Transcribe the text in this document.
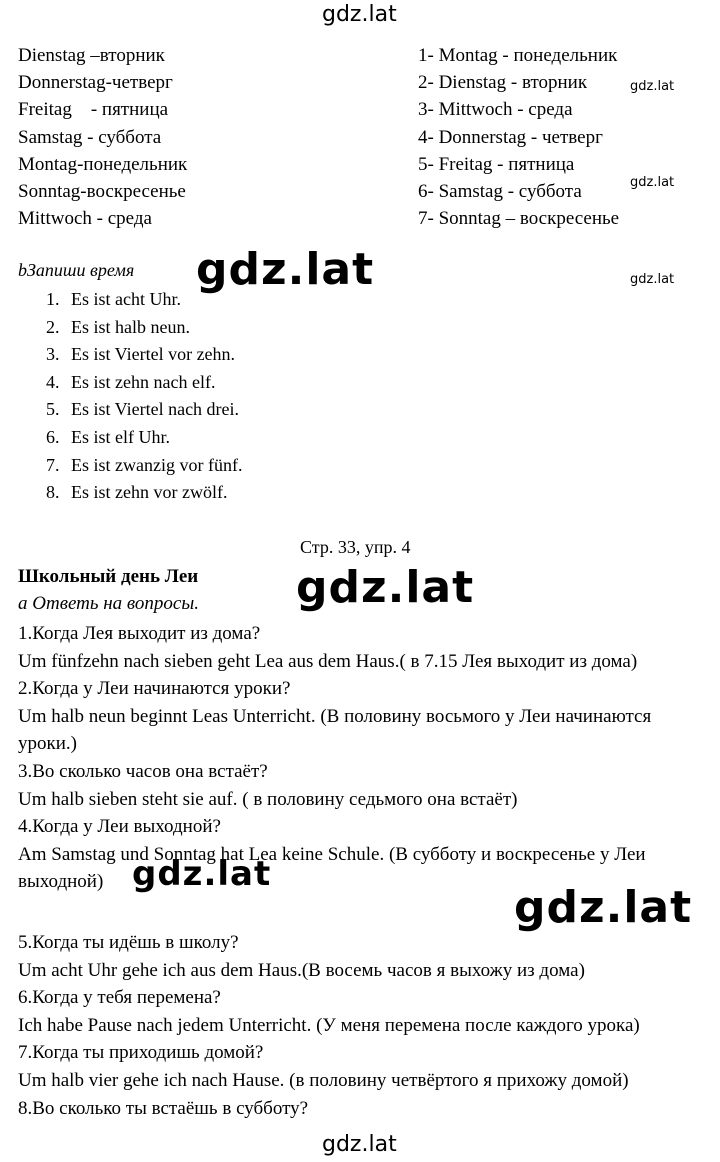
gdz.lat
gdz.lat
gdz.lat
gdz.lat
gdz.lat
gdz.lat
gdz.lat
gdz.lat
gdz.lat
Dienstag –вторник
Donnerstag-четверг
Freitag    - пятница
Samstag - суббота
Montag-понедельник
Sonntag-воскресенье
Mittwoch - среда
1- Montag - понедельник
2- Dienstag - вторник
3- Mittwoch - среда
4- Donnerstag - четверг
5- Freitag - пятница
6- Samstag - суббота
7- Sonntag – воскресенье
bЗапиши время
1. Es ist acht Uhr.
2. Es ist halb neun.
3. Es ist Viertel vor zehn.
4. Es ist zehn nach elf.
5. Es ist Viertel nach drei.
6. Es ist elf Uhr.
7. Es ist zwanzig vor fünf.
8. Es ist zehn vor zwölf.
Стр. 33, упр. 4
Школьный день Леи
a Ответь на вопросы.
1.Когда Лея выходит из дома?
Um fünfzehn nach sieben geht Lea aus dem Haus.( в 7.15 Лея выходит из дома)
2.Когда у Леи начинаются уроки?
Um halb neun beginnt Leas Unterricht. (В половину восьмого у Леи начинаются уроки.)
3.Во сколько часов она встаёт?
Um halb sieben steht sie auf. ( в половину седьмого она встаёт)
4.Когда у Леи выходной?
Am Samstag und Sonntag hat Lea keine Schule. (В субботу и воскресенье у Леи выходной)
5.Когда ты идёшь в школу?
Um acht Uhr gehe ich aus dem Haus.(В восемь часов я выхожу из дома)
6.Когда у тебя перемена?
Ich habe Pause nach jedem Unterricht. (У меня перемена после каждого урока)
7.Когда ты приходишь домой?
Um halb vier gehe ich nach Hause. (в половину четвёртого я прихожу домой)
8.Во сколько ты встаёшь в субботу?
